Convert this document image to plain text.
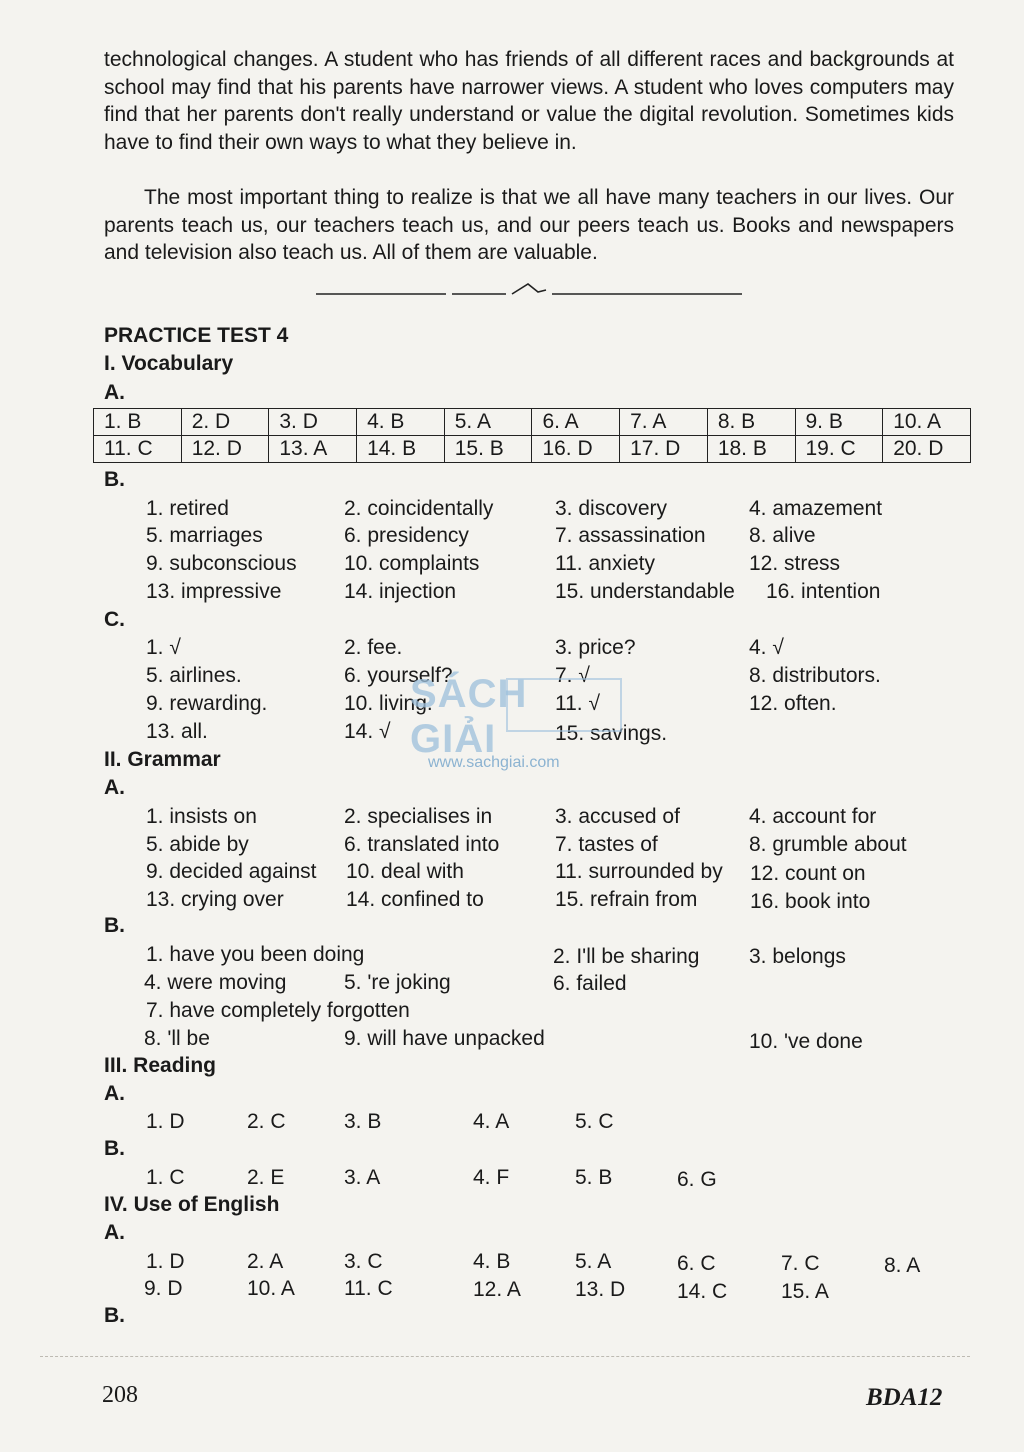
technological changes. A student who has friends of all different races and backgrounds at school may find that his parents have narrower views. A student who loves computers may find that her parents don't really understand or value the digital revolution. Sometimes kids have to find their own ways to what they believe in.
The most important thing to realize is that we all have many teachers in our lives. Our parents teach us, our teachers teach us, and our peers teach us. Books and newspapers and television also teach us. All of them are valuable.
PRACTICE TEST 4
I. Vocabulary
A.
1. B	2. D	3. D	4. B	5. A	6. A	7. A	8. B	9. B	10. A
11. C	12. D	13. A	14. B	15. B	16. D	17. D	18. B	19. C	20. D
B.
1. retired	2. coincidentally	3. discovery	4. amazement
5. marriages	6. presidency	7. assassination 8. alive
9. subconscious 10. complaints	11. anxiety	12. stress
13. impressive	14. injection	15. understandable 16. intention
C.
1. √	2. fee.	3. price?	4. √
5. airlines.	6. yourself?	7. √	8. distributors.
9. rewarding.	10. living.	11. √	12. often.
13. all.	14. √	15. savings.
SÁCH GIẢI
www.sachgiai.com
II. Grammar
A.
1. insists on	2. specialises in	3. accused of	4. account for
5. abide by	6. translated into	7. tastes of	8. grumble about
9. decided against 10. deal with	11. surrounded by 12. count on
13. crying over	14. confined to	15. refrain from	16. book into
B.
1. have you been doing	2. I'll be sharing 3. belongs
4. were moving	5. 're joking	6. failed
7. have completely forgotten
8. 'll be	9. will have unpacked	10. 've done
III. Reading
A.
1. D	2. C	3. B	4. A	5. C
B.
1. C	2. E	3. A	4. F	5. B	6. G
IV. Use of English
A.
1. D	2. A	3. C	4. B	5. A	6. C	7. C	8. A
9. D	10. A 11. C	12. A	13. D 14. C	15. A
B.
208	BDA12
